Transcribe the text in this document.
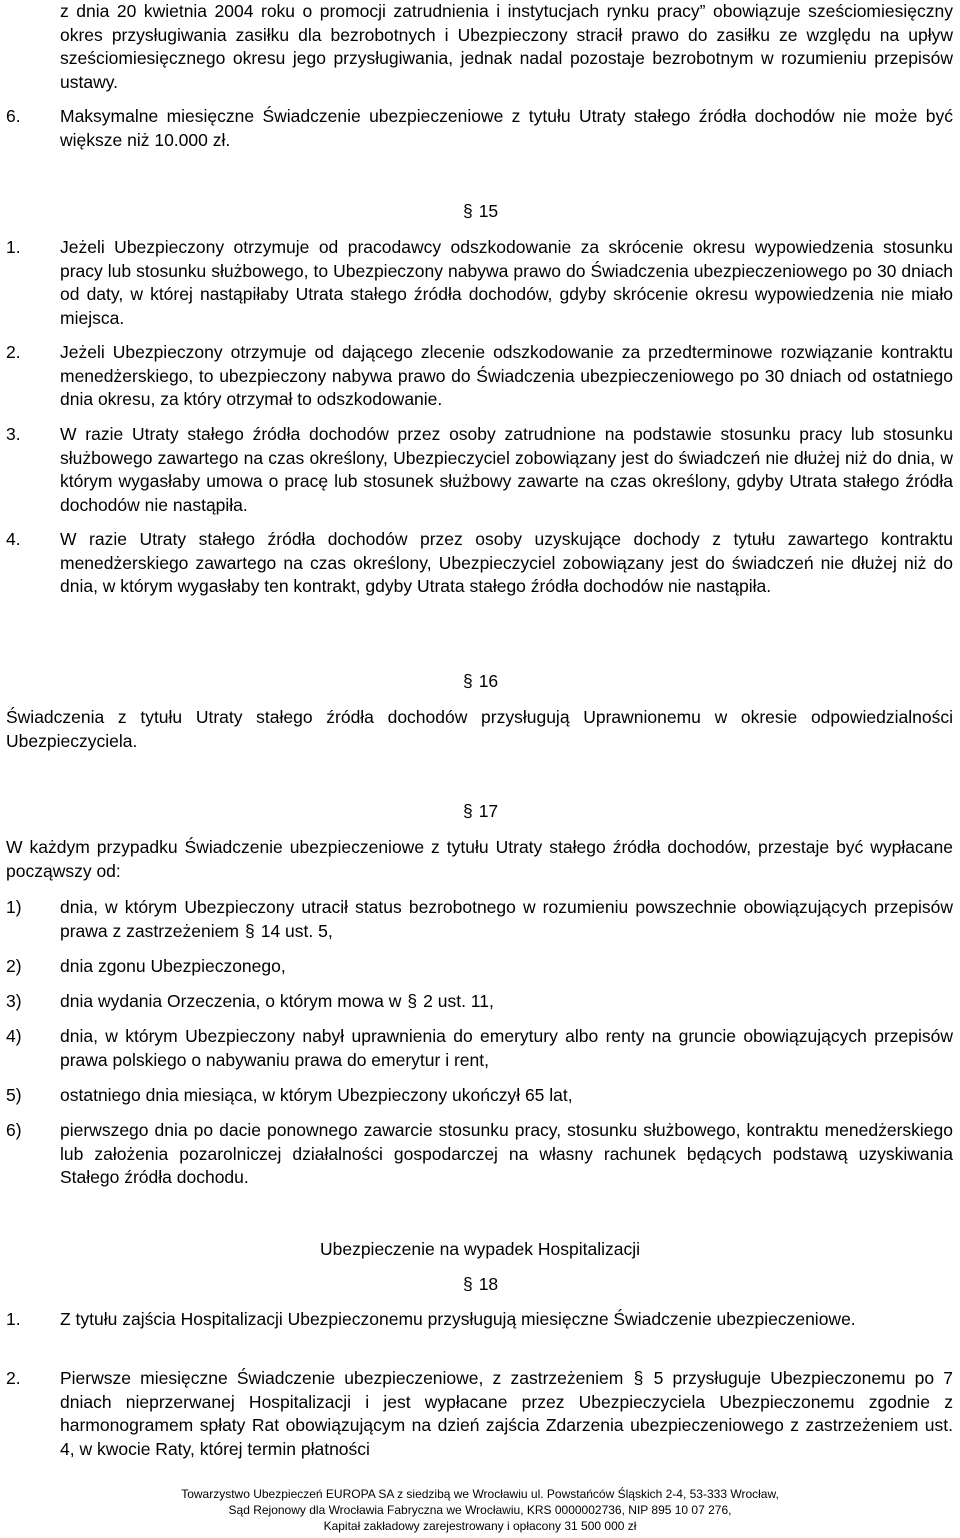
z dnia 20 kwietnia 2004 roku o promocji zatrudnienia i instytucjach rynku pracy” obowiązuje sześciomiesięczny okres przysługiwania zasiłku dla bezrobotnych i Ubezpieczony stracił prawo do zasiłku ze względu na upływ sześciomiesięcznego okresu jego przysługiwania, jednak nadal pozostaje bezrobotnym w rozumieniu przepisów ustawy.
6. Maksymalne miesięczne Świadczenie ubezpieczeniowe z tytułu Utraty stałego źródła dochodów nie może być większe niż 10.000 zł.
§ 15
1. Jeżeli Ubezpieczony otrzymuje od pracodawcy odszkodowanie za skrócenie okresu wypowiedzenia stosunku pracy lub stosunku służbowego, to Ubezpieczony nabywa prawo do Świadczenia ubezpieczeniowego po 30 dniach od daty, w której nastąpiłaby Utrata stałego źródła dochodów, gdyby skrócenie okresu wypowiedzenia nie miało miejsca.
2. Jeżeli Ubezpieczony otrzymuje od dającego zlecenie odszkodowanie za przedterminowe rozwiązanie kontraktu menedżerskiego, to ubezpieczony nabywa prawo do Świadczenia ubezpieczeniowego po 30 dniach od ostatniego dnia okresu, za który otrzymał to odszkodowanie.
3. W razie Utraty stałego źródła dochodów przez osoby zatrudnione na podstawie stosunku pracy lub stosunku służbowego zawartego na czas określony, Ubezpieczyciel zobowiązany jest do świadczeń nie dłużej niż do dnia, w którym wygasłaby umowa o pracę lub stosunek służbowy zawarte na czas określony, gdyby Utrata stałego źródła dochodów nie nastąpiła.
4. W razie Utraty stałego źródła dochodów przez osoby uzyskujące dochody z tytułu zawartego kontraktu menedżerskiego zawartego na czas określony, Ubezpieczyciel zobowiązany jest do świadczeń nie dłużej niż do dnia, w którym wygasłaby ten kontrakt, gdyby Utrata stałego źródła dochodów nie nastąpiła.
§ 16
Świadczenia z tytułu Utraty stałego źródła dochodów przysługują Uprawnionemu w okresie odpowiedzialności Ubezpieczyciela.
§ 17
W każdym przypadku Świadczenie ubezpieczeniowe z tytułu Utraty stałego źródła dochodów, przestaje być wypłacane począwszy od:
1) dnia, w którym Ubezpieczony utracił status bezrobotnego w rozumieniu powszechnie obowiązujących przepisów prawa z zastrzeżeniem § 14 ust. 5,
2) dnia zgonu Ubezpieczonego,
3) dnia wydania Orzeczenia, o którym mowa w § 2 ust. 11,
4) dnia, w którym Ubezpieczony nabył uprawnienia do emerytury albo renty na gruncie obowiązujących przepisów prawa polskiego o nabywaniu prawa do emerytur i rent,
5) ostatniego dnia miesiąca, w którym Ubezpieczony ukończył 65 lat,
6) pierwszego dnia po dacie ponownego zawarcie stosunku pracy, stosunku służbowego, kontraktu menedżerskiego lub założenia pozarolniczej działalności gospodarczej na własny rachunek będących podstawą uzyskiwania Stałego źródła dochodu.
Ubezpieczenie na wypadek Hospitalizacji
§ 18
1. Z tytułu zajścia Hospitalizacji Ubezpieczonemu przysługują miesięczne Świadczenie ubezpieczeniowe.
2. Pierwsze miesięczne Świadczenie ubezpieczeniowe, z zastrzeżeniem § 5 przysługuje Ubezpieczonemu po 7 dniach nieprzerwanej Hospitalizacji i jest wypłacane przez Ubezpieczyciela Ubezpieczonemu zgodnie z harmonogramem spłaty Rat obowiązującym na dzień zajścia Zdarzenia ubezpieczeniowego z zastrzeżeniem ust. 4, w kwocie Raty, której termin płatności
Towarzystwo Ubezpieczeń EUROPA SA z siedzibą we Wrocławiu ul. Powstańców Śląskich 2-4, 53-333 Wrocław,
Sąd Rejonowy dla Wrocławia Fabryczna we Wrocławiu, KRS 0000002736, NIP 895 10 07 276,
Kapitał zakładowy zarejestrowany i opłacony 31 500 000 zł
